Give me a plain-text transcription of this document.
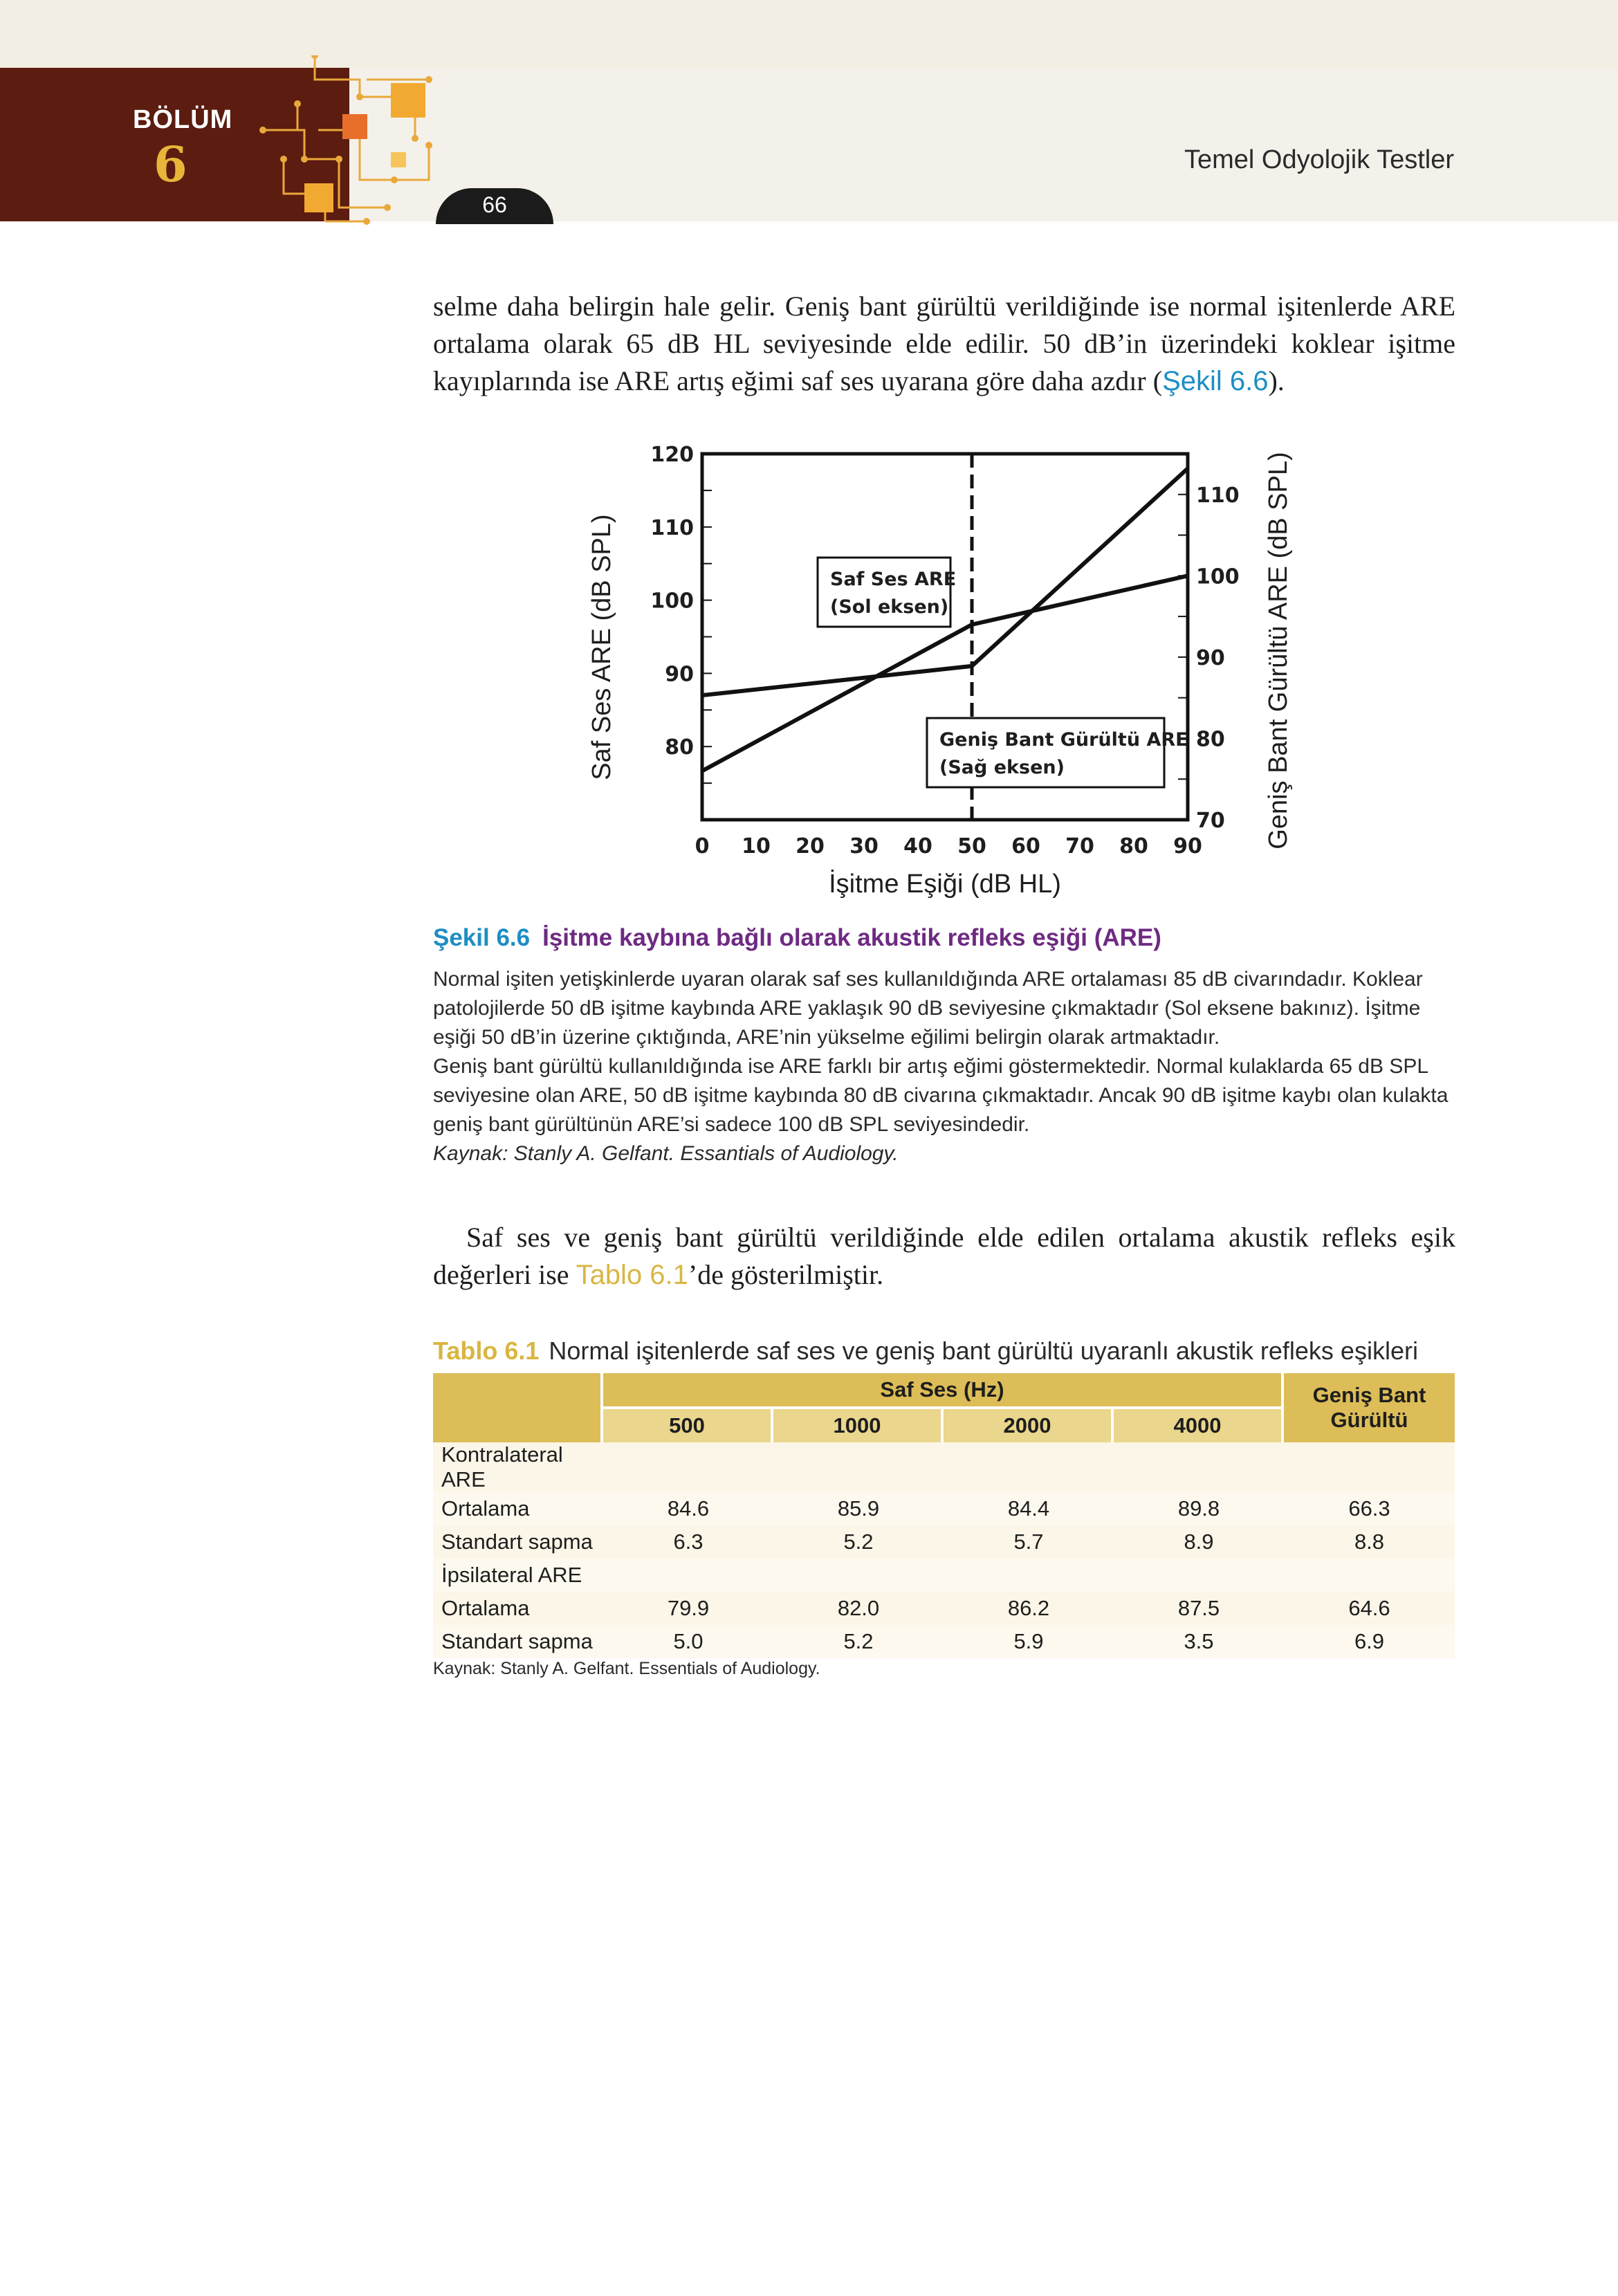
BÖLÜM
6
66
Temel Odyolojik Testler

selme daha belirgin hale gelir. Geniş bant gürültü verildiğinde ise normal işitenlerde ARE ortalama olarak 65 dB HL seviyesinde elde edilir. 50 dB’in üzerindeki koklear işitme kayıplarında ise ARE artış eğimi saf ses uyarana göre daha azdır (Şekil 6.6).

80
90
100
110
120
70
80
90
100
110
0 10 20 30 40 50 60 70 80 90
Saf Ses ARE
(Sol eksen)
Geniş Bant Gürültü ARE
(Sağ eksen)
İşitme Eşiği (dB HL)
Saf Ses ARE (dB SPL)	Geniş Bant Gürültü ARE (dB SPL)
Şekil 6.6 İşitme kaybına bağlı olarak akustik refleks eşiği (ARE)

Normal işiten yetişkinlerde uyaran olarak saf ses kullanıldığında ARE ortalaması 85 dB civarındadır. Koklear patolojilerde 50 dB işitme kaybında ARE yaklaşık 90 dB seviyesine çıkmaktadır (Sol eksene bakınız). İşitme eşiği 50 dB’in üzerine çıktığında, ARE’nin yükselme eğilimi belirgin olarak artmaktadır.

Geniş bant gürültü kullanıldığında ise ARE farklı bir artış eğimi göstermektedir. Normal kulaklarda 65 dB SPL seviyesine olan ARE, 50 dB işitme kaybında 80 dB civarına çıkmaktadır. Ancak 90 dB işitme kaybı olan kulakta geniş bant gürültünün ARE’si sadece 100 dB SPL seviyesindedir.

Kaynak: Stanly A. Gelfant. Essantials of Audiology.

Saf ses ve geniş bant gürültü verildiğinde elde edilen ortalama akustik refleks eşik değerleri ise Tablo 6.1’de gösterilmiştir.

Tablo 6.1 Normal işitenlerde saf ses ve geniş bant gürültü uyaranlı akustik refleks eşikleri
	Saf Ses (Hz)				Geniş Bant Gürültü
	500	1000	2000	4000	
Kontralateral ARE					
Ortalama	84.6	85.9	84.4	89.8	66.3
Standart sapma	6.3	5.2	5.7	8.9	8.8
İpsilateral ARE					
Ortalama	79.9	82.0	86.2	87.5	64.6
Standart sapma	5.0	5.2	5.9	3.5	6.9
Kaynak: Stanly A. Gelfant. Essentials of Audiology.
